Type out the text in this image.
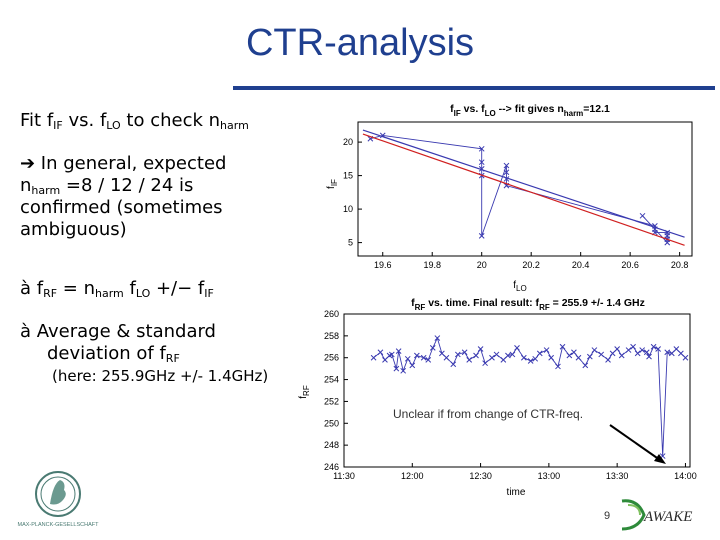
CTR-analysis
Fit $f_{IF}$ vs. $f_{LO}$ to check $n_{harm}$
➔ In general, expected
$n_{harm} =8 / 12 / 24$ is
confirmed (sometimes
ambiguous)
à $f_{RF} = n_{harm}$ $f_{LO}$ +/− $f_{IF}$
à Average & standard
deviation of $f_{RF}$
(here: 255.9GHz +/- 1.4GHz)
$f_{IF}$ vs. $f_{LO}$ --> fit gives $n_{harm}=12.1$
$f_{IF}$
$f_{LO}$
19.6	19.8	20	20.2	20.4	20.6	20.8
5
10
15
20
$f_{RF}$ vs. time. Final result: $f_{RF} = 255.9$ +/- 1.4 GHz
$f_{RF}$
time
11:30	12:00	12:30	13:00	13:30	14:00
246
248
250
252
254
256
258
260
Unclear if from change of CTR-freq.
9
MAX-PLANCK-GESELLSCHAFT	AWAKE
